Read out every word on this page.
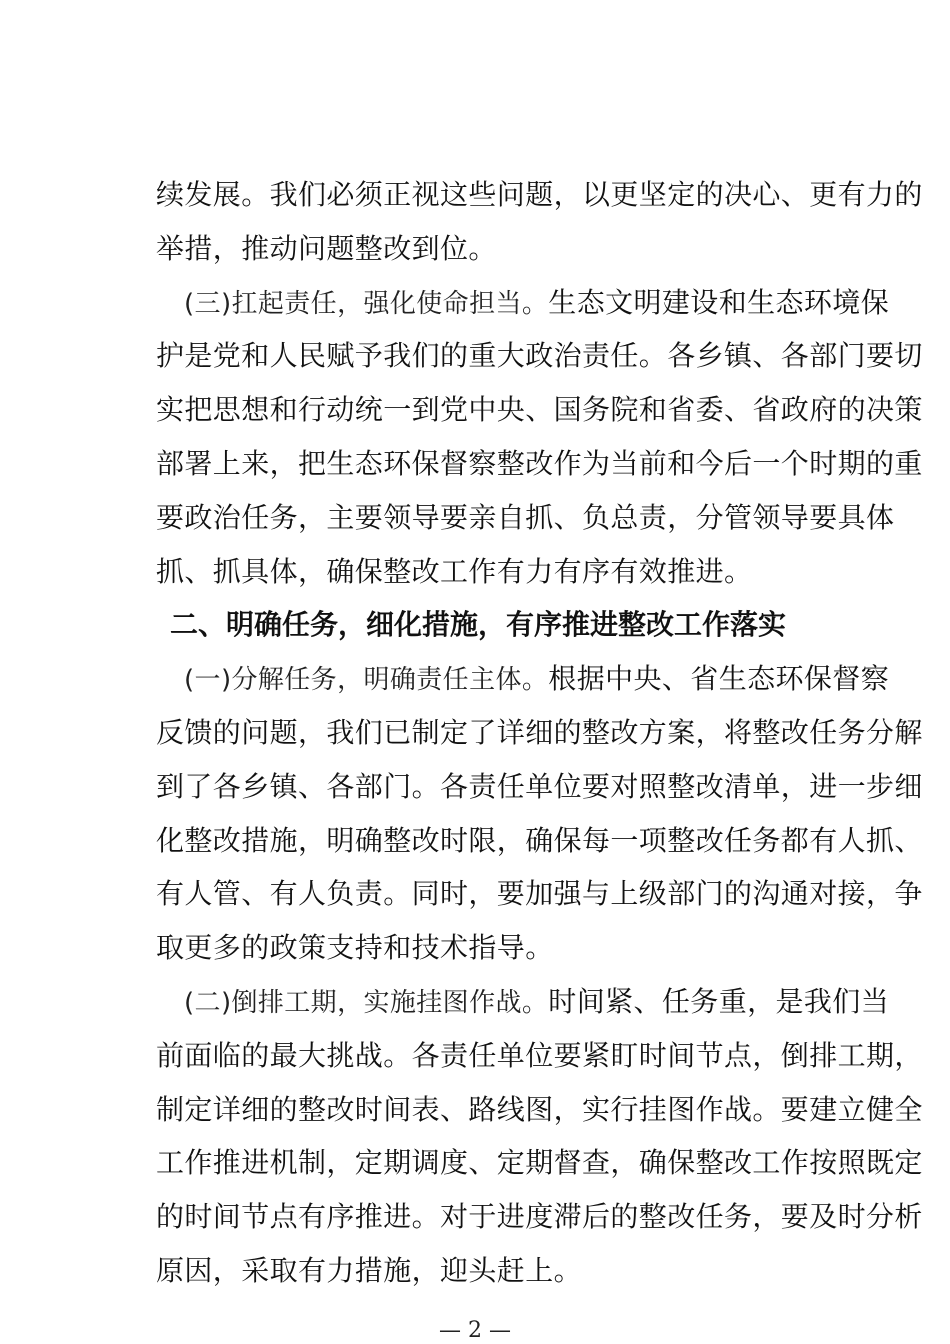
续发展。我们必须正视这些问题，以更坚定的决心、更有力的
举措，推动问题整改到位。
(三)扛起责任，强化使命担当。生态文明建设和生态环境保
护是党和人民赋予我们的重大政治责任。各乡镇、各部门要切
实把思想和行动统一到党中央、国务院和省委、省政府的决策
部署上来，把生态环保督察整改作为当前和今后一个时期的重
要政治任务，主要领导要亲自抓、负总责，分管领导要具体
抓、抓具体，确保整改工作有力有序有效推进。
二、明确任务，细化措施，有序推进整改工作落实
(一)分解任务，明确责任主体。根据中央、省生态环保督察
反馈的问题，我们已制定了详细的整改方案，将整改任务分解
到了各乡镇、各部门。各责任单位要对照整改清单，进一步细
化整改措施，明确整改时限，确保每一项整改任务都有人抓、
有人管、有人负责。同时，要加强与上级部门的沟通对接，争
取更多的政策支持和技术指导。
(二)倒排工期，实施挂图作战。时间紧、任务重，是我们当
前面临的最大挑战。各责任单位要紧盯时间节点，倒排工期，
制定详细的整改时间表、路线图，实行挂图作战。要建立健全
工作推进机制，定期调度、定期督查，确保整改工作按照既定
的时间节点有序推进。对于进度滞后的整改任务，要及时分析
原因，采取有力措施，迎头赶上。
— 2 —
